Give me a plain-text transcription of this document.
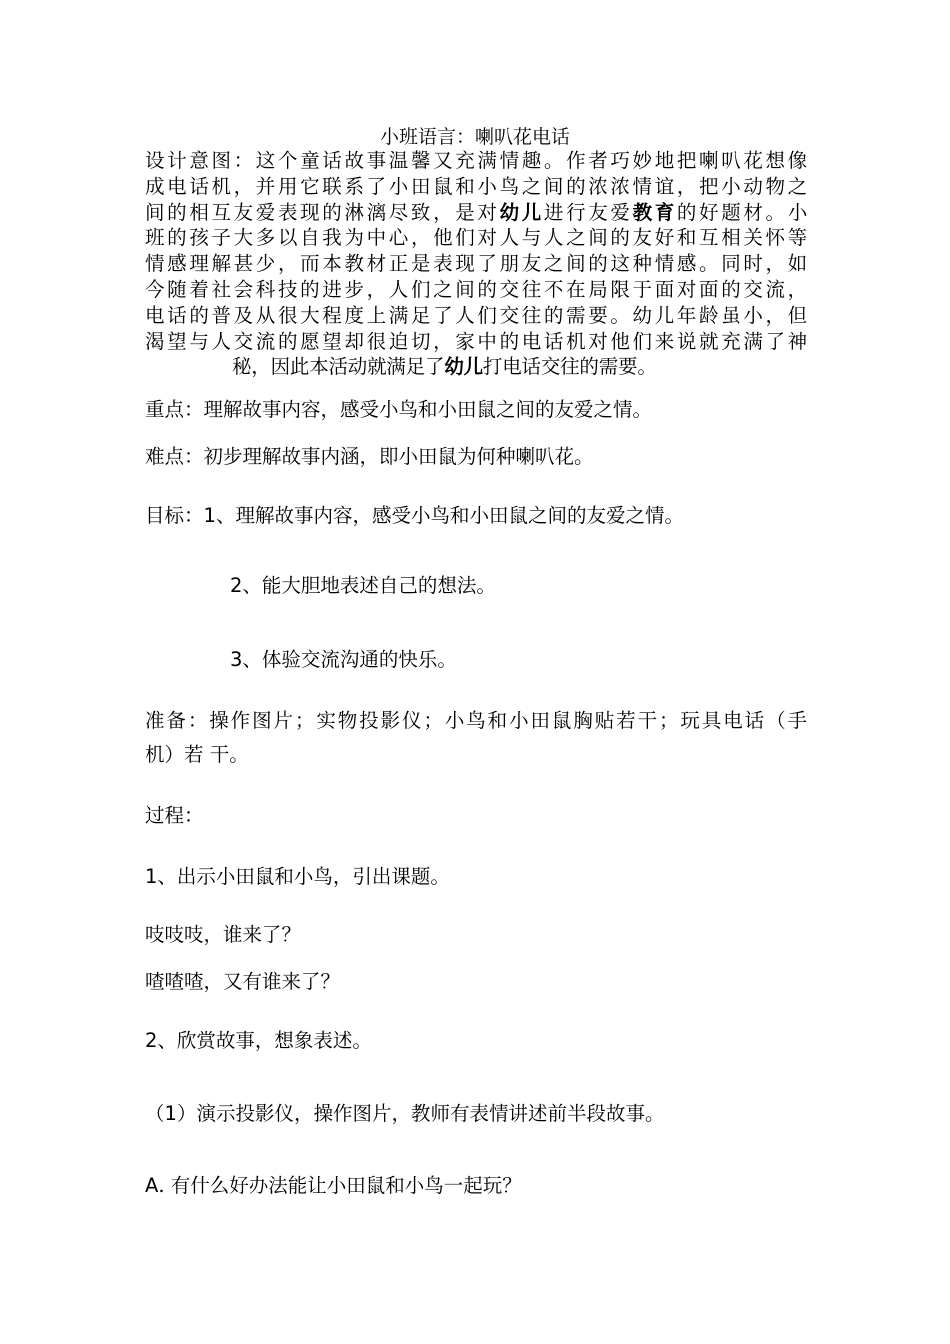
小班语言：喇叭花电话
设计意图：这个童话故事温馨又充满情趣。作者巧妙地把喇叭花想像
成电话机，并用它联系了小田鼠和小鸟之间的浓浓情谊，把小动物之
间的相互友爱表现的淋漓尽致，是对幼儿进行友爱教育的好题材。小
班的孩子大多以自我为中心，他们对人与人之间的友好和互相关怀等
情感理解甚少，而本教材正是表现了朋友之间的这种情感。同时，如
今随着社会科技的进步，人们之间的交往不在局限于面对面的交流，
电话的普及从很大程度上满足了人们交往的需要。幼儿年龄虽小，但
渴望与人交流的愿望却很迫切，家中的电话机对他们来说就充满了神
秘，因此本活动就满足了幼儿打电话交往的需要。
重点：理解故事内容，感受小鸟和小田鼠之间的友爱之情。
难点：初步理解故事内涵，即小田鼠为何种喇叭花。
目标：1、理解故事内容，感受小鸟和小田鼠之间的友爱之情。
2、能大胆地表述自己的想法。
3、体验交流沟通的快乐。
准备：操作图片；实物投影仪；小鸟和小田鼠胸贴若干；玩具电话（手
机）若 干。
过程：
1、出示小田鼠和小鸟，引出课题。
吱吱吱，谁来了？
喳喳喳，又有谁来了？
2、欣赏故事，想象表述。
（1）演示投影仪，操作图片，教师有表情讲述前半段故事。
A. 有什么好办法能让小田鼠和小鸟一起玩？
